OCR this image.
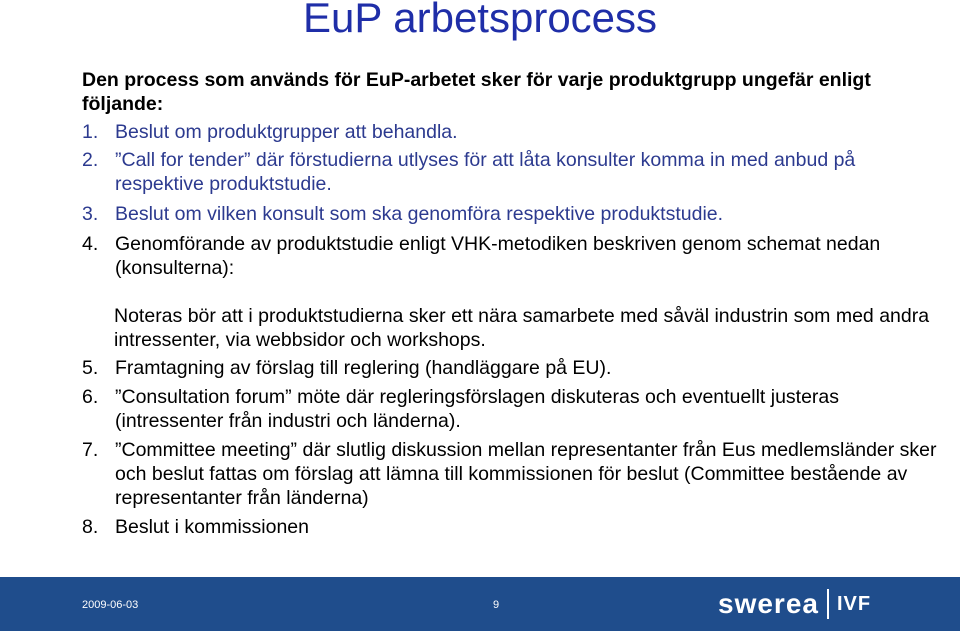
EuP arbetsprocess
Den process som används för EuP-arbetet sker för varje produktgrupp ungefär enligt följande:
1. Beslut om produktgrupper att behandla.
2. ”Call for tender” där förstudierna utlyses för att låta konsulter komma in med anbud på respektive produktstudie.
3. Beslut om vilken konsult som ska genomföra respektive produktstudie.
4. Genomförande av produktstudie enligt VHK-metodiken beskriven genom schemat nedan (konsulterna):
Noteras bör att i produktstudierna sker ett nära samarbete med såväl industrin som med andra intressenter, via webbsidor och workshops.
5. Framtagning av förslag till reglering (handläggare på EU).
6. ”Consultation forum” möte där regleringsförslagen diskuteras och eventuellt justeras (intressenter från industri och länderna).
7. ”Committee meeting” där slutlig diskussion mellan representanter från Eus medlemsländer sker och beslut fattas om förslag att lämna till kommissionen för beslut (Committee bestående av representanter från länderna)
8. Beslut i kommissionen
2009-06-03	9	swerea IVF
